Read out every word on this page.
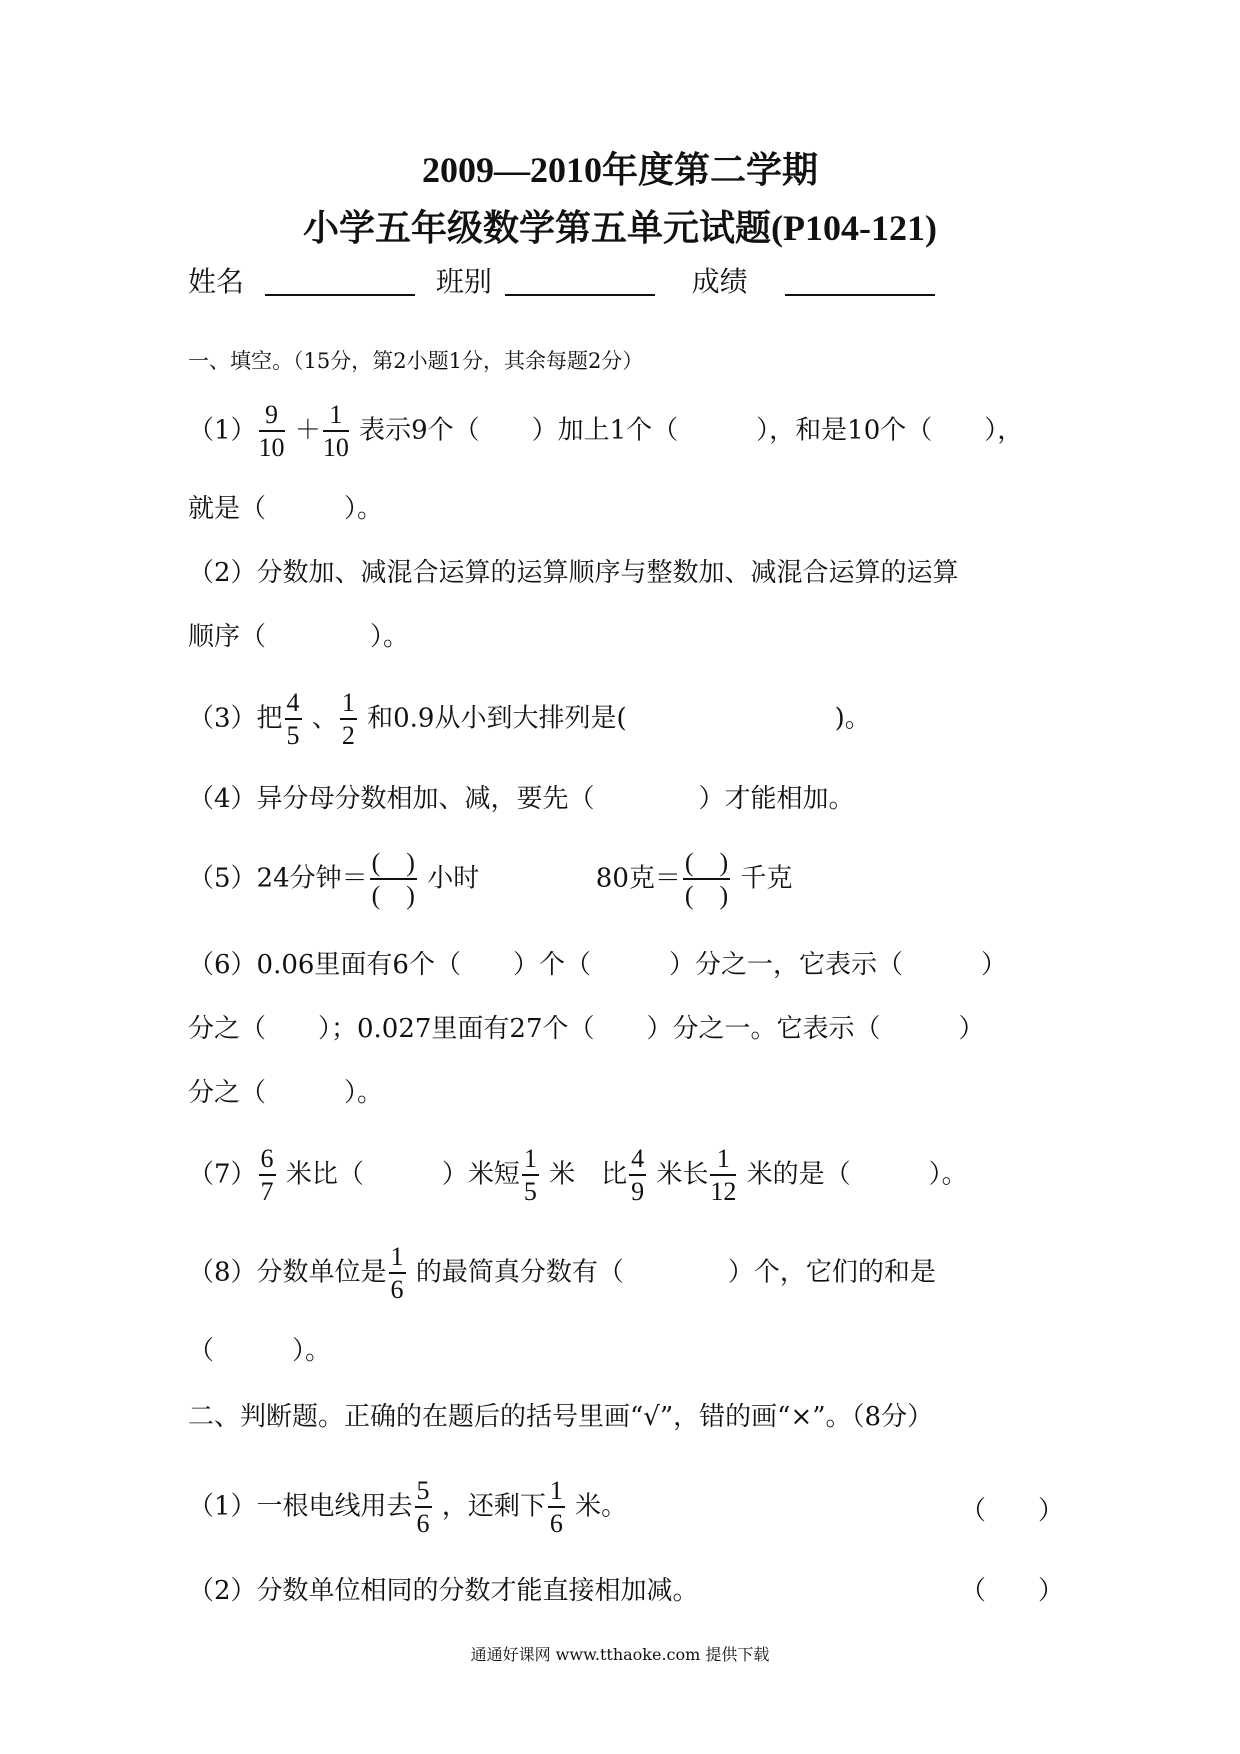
2009—2010年度第二学期
小学五年级数学第五单元试题(P104-121)
姓名	班别	成绩
一、填空。（15分，第2小题1分，其余每题2分）
$(1) \frac{9}{10} + \frac{1}{10}$ 表示9个（　　）加上1个（　　　），和是10个（　　），
就是（　　　）。
（2）分数加、减混合运算的运算顺序与整数加、减混合运算的运算
顺序（　　　　）。
（3）把 $\frac{4}{5}$ 、 $\frac{1}{2}$ 和0.9从小到大排列是(　　　　　　　　)。
（4）异分母分数相加、减，要先（　　　　）才能相加。
（5）24分钟＝ $\frac{( )}{( )}$ 小时	80克＝ $\frac{( )}{( )}$ 千克
（6）0.06里面有6个（　　）个（　　　）分之一，它表示（　　　）
分之（　　）；0.027里面有27个（　　）分之一。它表示（　　　）
分之（　　　）。
$(7) \frac{6}{7}$ 米比（　　　）米短 $\frac{1}{5}$ 米　比 $\frac{4}{9}$ 米长 $\frac{1}{12}$ 米的是（　　　）。
（8）分数单位是 $\frac{1}{6}$ 的最简真分数有（　　　　）个，它们的和是
（　　　）。
二、判断题。正确的在题后的括号里画“√”，错的画“×”。（8分）
（1）一根电线用去 $\frac{5}{6}$ ，还剩下 $\frac{1}{6}$ 米。	（　　）
（2）分数单位相同的分数才能直接相加减。	（　　）
通通好课网 www.tthaoke.com 提供下载
